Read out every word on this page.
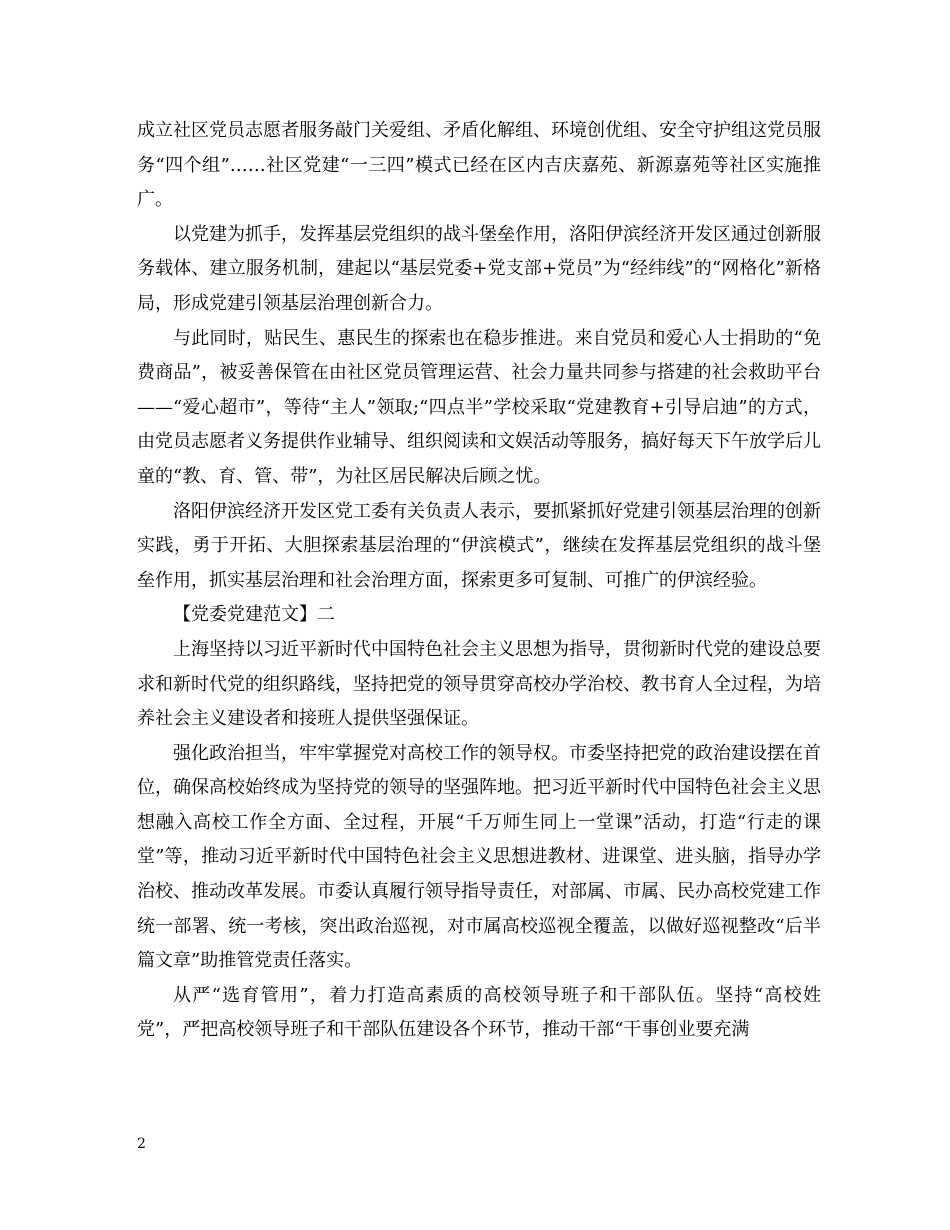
成立社区党员志愿者服务敲门关爱组、矛盾化解组、环境创优组、安全守护组这党员服务“四个组”……社区党建“一三四”模式已经在区内吉庆嘉苑、新源嘉苑等社区实施推广。

以党建为抓手，发挥基层党组织的战斗堡垒作用，洛阳伊滨经济开发区通过创新服务载体、建立服务机制，建起以“基层党委+党支部+党员”为“经纬线”的“网格化”新格局，形成党建引领基层治理创新合力。

与此同时，贴民生、惠民生的探索也在稳步推进。来自党员和爱心人士捐助的“免费商品”，被妥善保管在由社区党员管理运营、社会力量共同参与搭建的社会救助平台——“爱心超市”，等待“主人”领取;“四点半”学校采取“党建教育+引导启迪”的方式，由党员志愿者义务提供作业辅导、组织阅读和文娱活动等服务，搞好每天下午放学后儿童的“教、育、管、带”，为社区居民解决后顾之忧。

洛阳伊滨经济开发区党工委有关负责人表示，要抓紧抓好党建引领基层治理的创新实践，勇于开拓、大胆探索基层治理的“伊滨模式”，继续在发挥基层党组织的战斗堡垒作用，抓实基层治理和社会治理方面，探索更多可复制、可推广的伊滨经验。

【党委党建范文】二

上海坚持以习近平新时代中国特色社会主义思想为指导，贯彻新时代党的建设总要求和新时代党的组织路线，坚持把党的领导贯穿高校办学治校、教书育人全过程，为培养社会主义建设者和接班人提供坚强保证。

强化政治担当，牢牢掌握党对高校工作的领导权。市委坚持把党的政治建设摆在首位，确保高校始终成为坚持党的领导的坚强阵地。把习近平新时代中国特色社会主义思想融入高校工作全方面、全过程，开展“千万师生同上一堂课”活动，打造“行走的课堂”等，推动习近平新时代中国特色社会主义思想进教材、进课堂、进头脑，指导办学治校、推动改革发展。市委认真履行领导指导责任，对部属、市属、民办高校党建工作统一部署、统一考核，突出政治巡视，对市属高校巡视全覆盖，以做好巡视整改“后半篇文章”助推管党责任落实。

从严“选育管用”，着力打造高素质的高校领导班子和干部队伍。坚持“高校姓党”，严把高校领导班子和干部队伍建设各个环节，推动干部“干事创业要充满

2
